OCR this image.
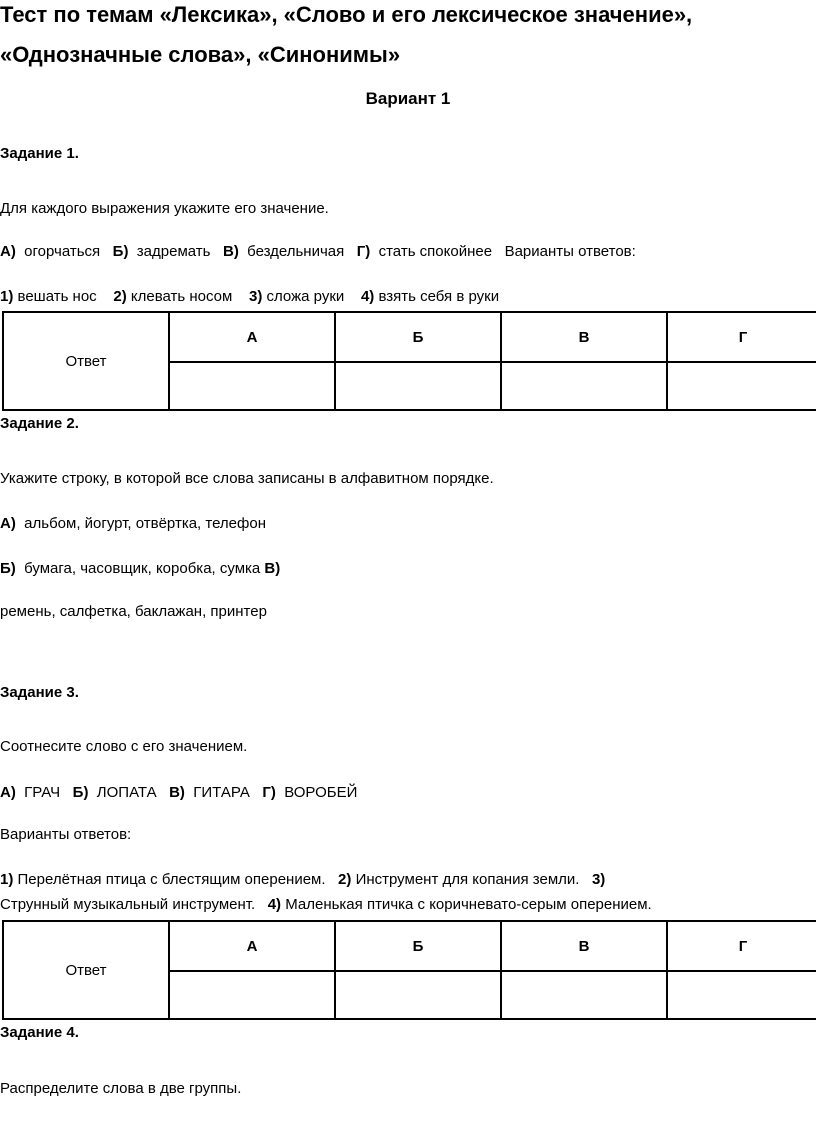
Тест по темам «Лексика», «Слово и его лексическое значение»,
«Однозначные слова», «Синонимы»
Вариант 1
Задание 1.
Для каждого выражения укажите его значение.
А) огорчаться Б) задремать В) бездельничая Г) стать спокойнее Варианты ответов:
1) вешать нос 2) клевать носом 3) сложа руки 4) взять себя в руки
Ответ	А	Б	В	Г

Задание 2.
Укажите строку, в которой все слова записаны в алфавитном порядке.
А) альбом, йогурт, отвёртка, телефон
Б) бумага, часовщик, коробка, сумка В)
ремень, салфетка, баклажан, принтер
Задание 3.
Соотнесите слово с его значением.
А) ГРАЧ Б) ЛОПАТА В) ГИТАРА Г) ВОРОБЕЙ
Варианты ответов:
1) Перелётная птица с блестящим оперением. 2) Инструмент для копания земли. 3)
Струнный музыкальный инструмент. 4) Маленькая птичка с коричневато-серым оперением.
Ответ	А	Б	В	Г

Задание 4.
Распределите слова в две группы.
